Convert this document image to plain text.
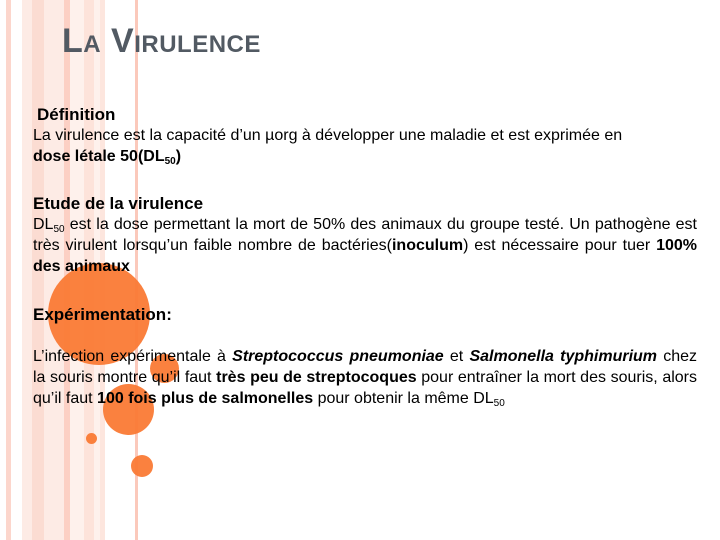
La Virulence
Définition
La virulence est la capacité d’un µorg à développer une maladie et est exprimée en
dose létale $50(DL_{50})$
Etude de la virulence
$DL_{50}$ est la dose permettant la mort de 50% des animaux du groupe testé. Un pathogène est très virulent lorsqu’un faible nombre de bactéries(inoculum) est nécessaire pour tuer 100% des animaux
Expérimentation:
L’infection expérimentale à Streptococcus pneumoniae et Salmonella typhimurium chez la souris montre qu’il faut très peu de streptocoques pour entraîner la mort des souris, alors qu’il faut 100 fois plus de salmonelles pour obtenir la même $DL_{50}$
